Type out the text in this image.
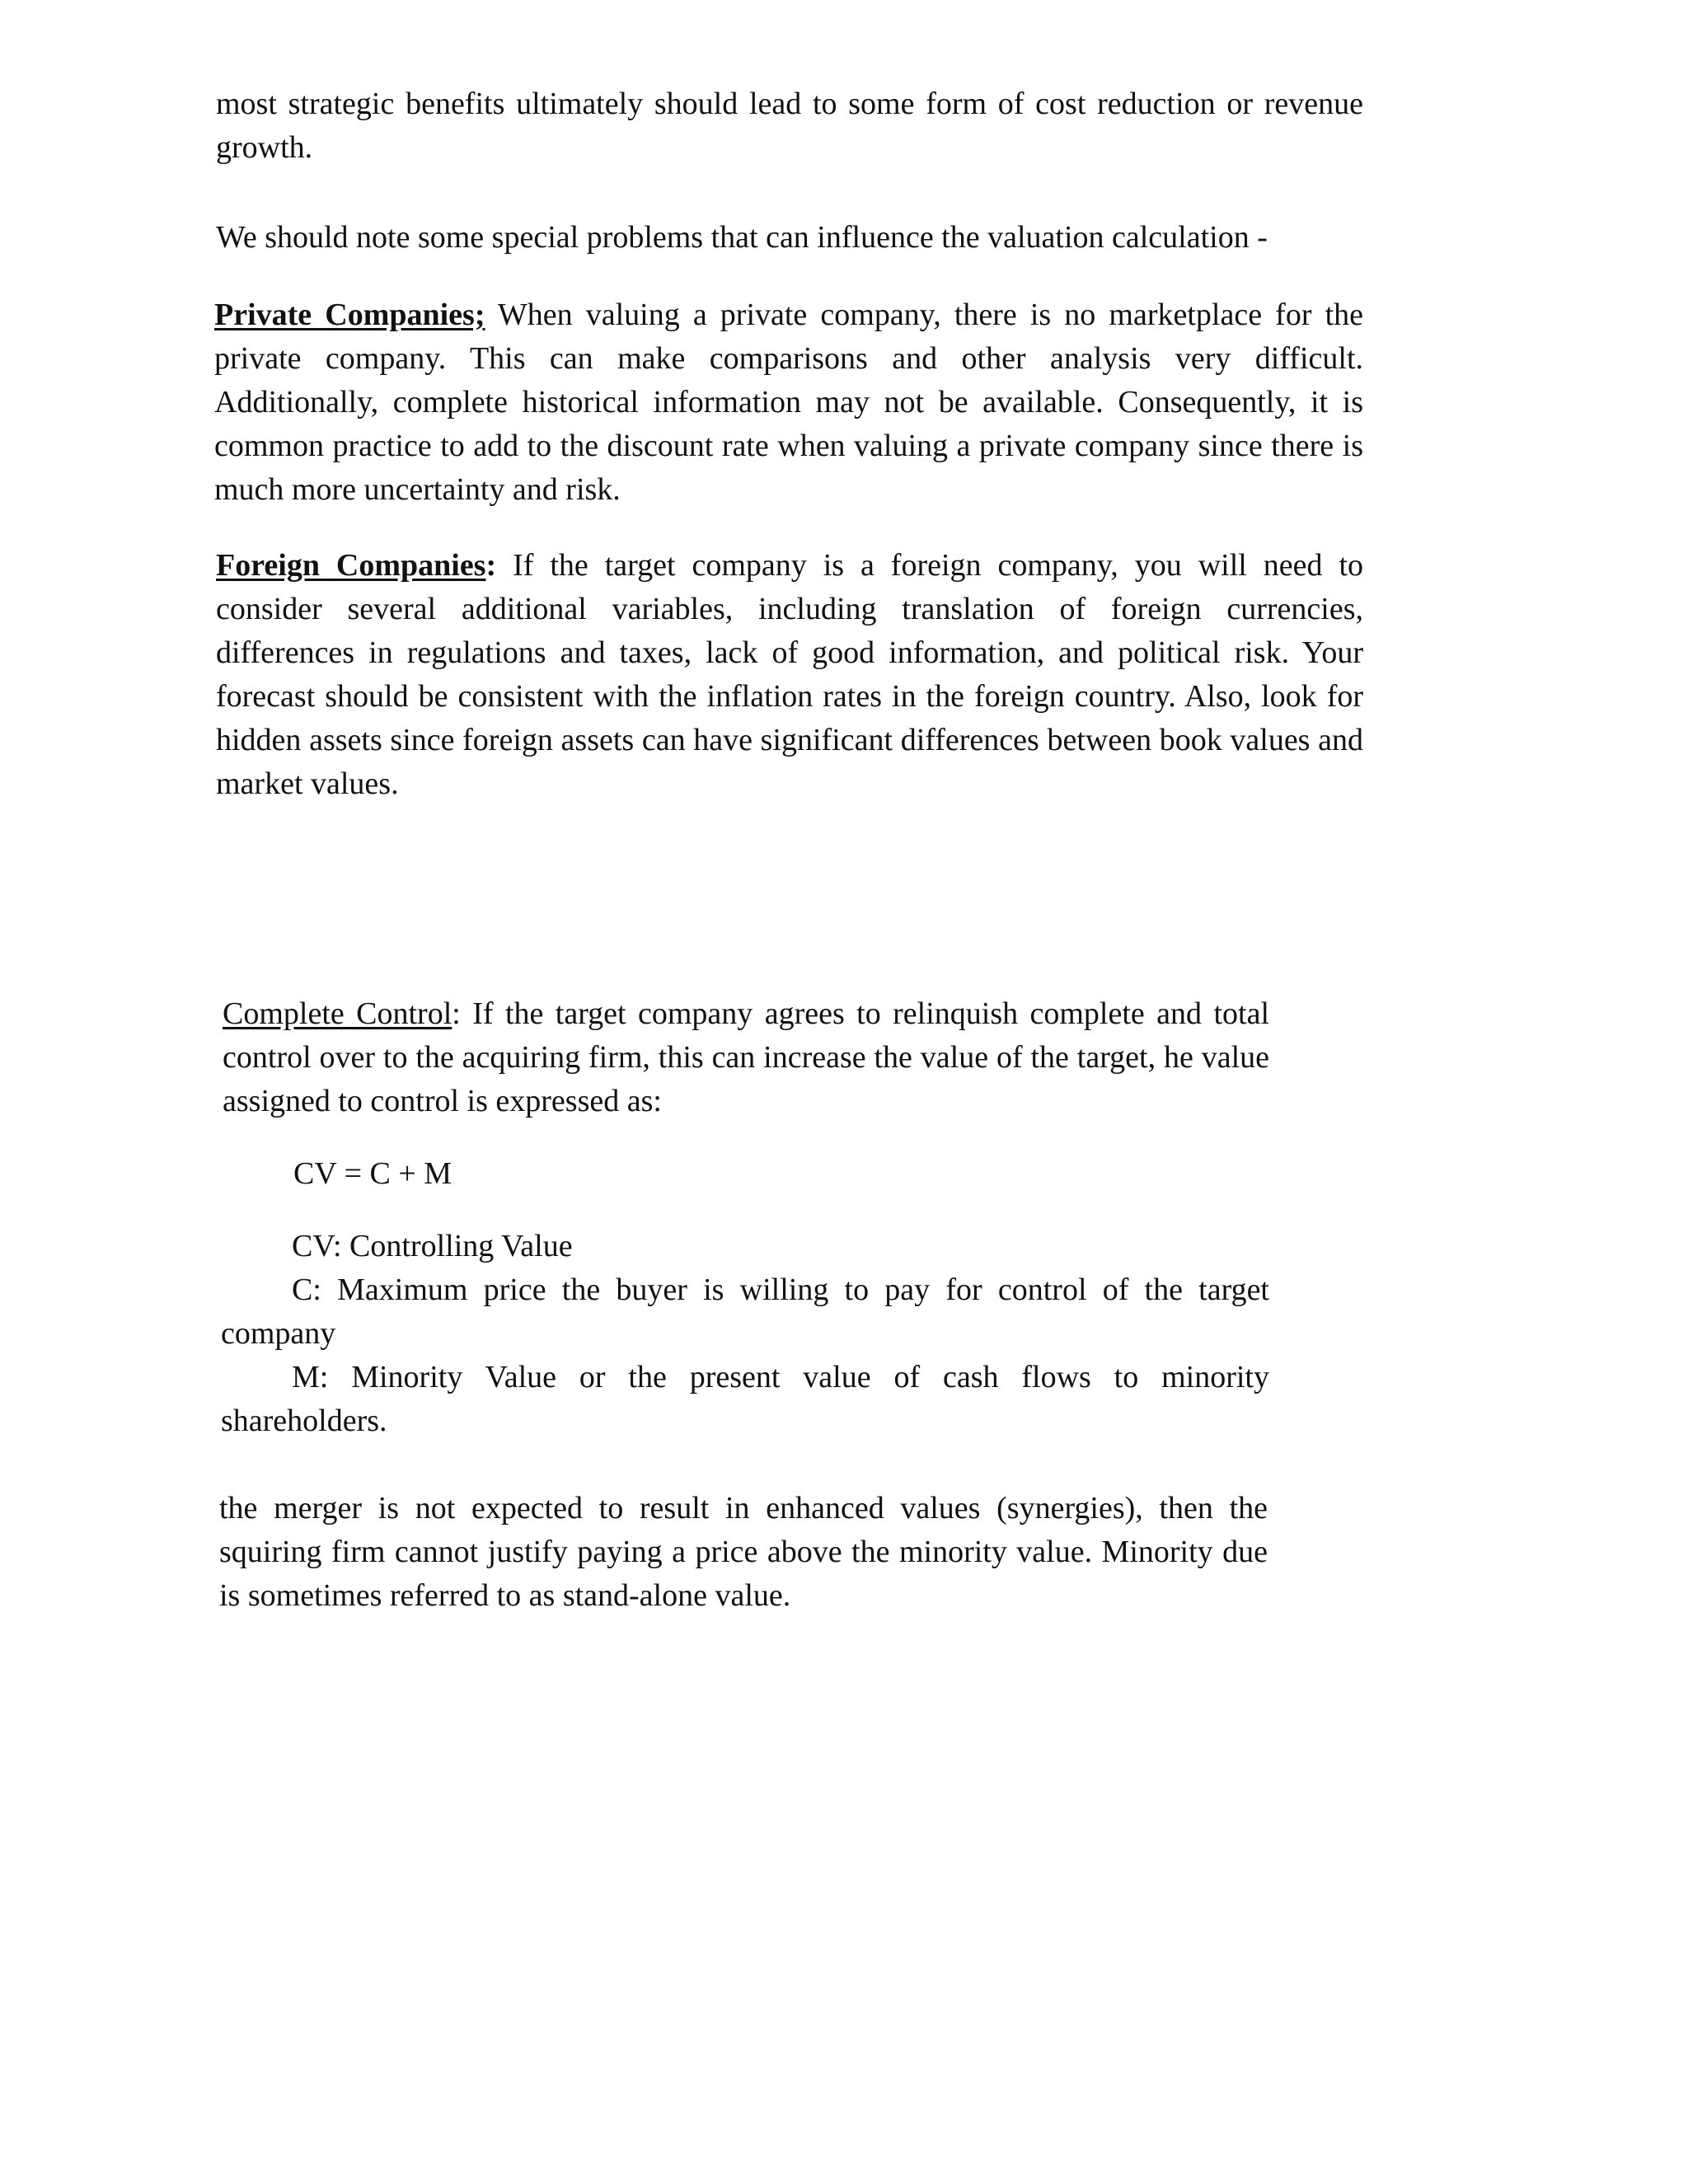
most strategic benefits ultimately should lead to some form of cost reduction or revenue growth.

We should note some special problems that can influence the valuation calculation -

Private Companies; When valuing a private company, there is no marketplace for the private company. This can make comparisons and other analysis very difficult. Additionally, complete historical information may not be available. Consequently, it is common practice to add to the discount rate when valuing a private company since there is much more uncertainty and risk.

Foreign Companies: If the target company is a foreign company, you will need to consider several additional variables, including translation of foreign currencies, differences in regulations and taxes, lack of good information, and political risk. Your forecast should be consistent with the inflation rates in the foreign country. Also, look for hidden assets since foreign assets can have significant differences between book values and market values.

Complete Control: If the target company agrees to relinquish complete and total control over to the acquiring firm, this can increase the value of the target, he value assigned to control is expressed as:

CV = C + M

CV: Controlling Value

C: Maximum price the buyer is willing to pay for control of the target company

M: Minority Value or the present value of cash flows to minority shareholders.

the merger is not expected to result in enhanced values (synergies), then the squiring firm cannot justify paying a price above the minority value. Minority due is sometimes referred to as stand-alone value.
